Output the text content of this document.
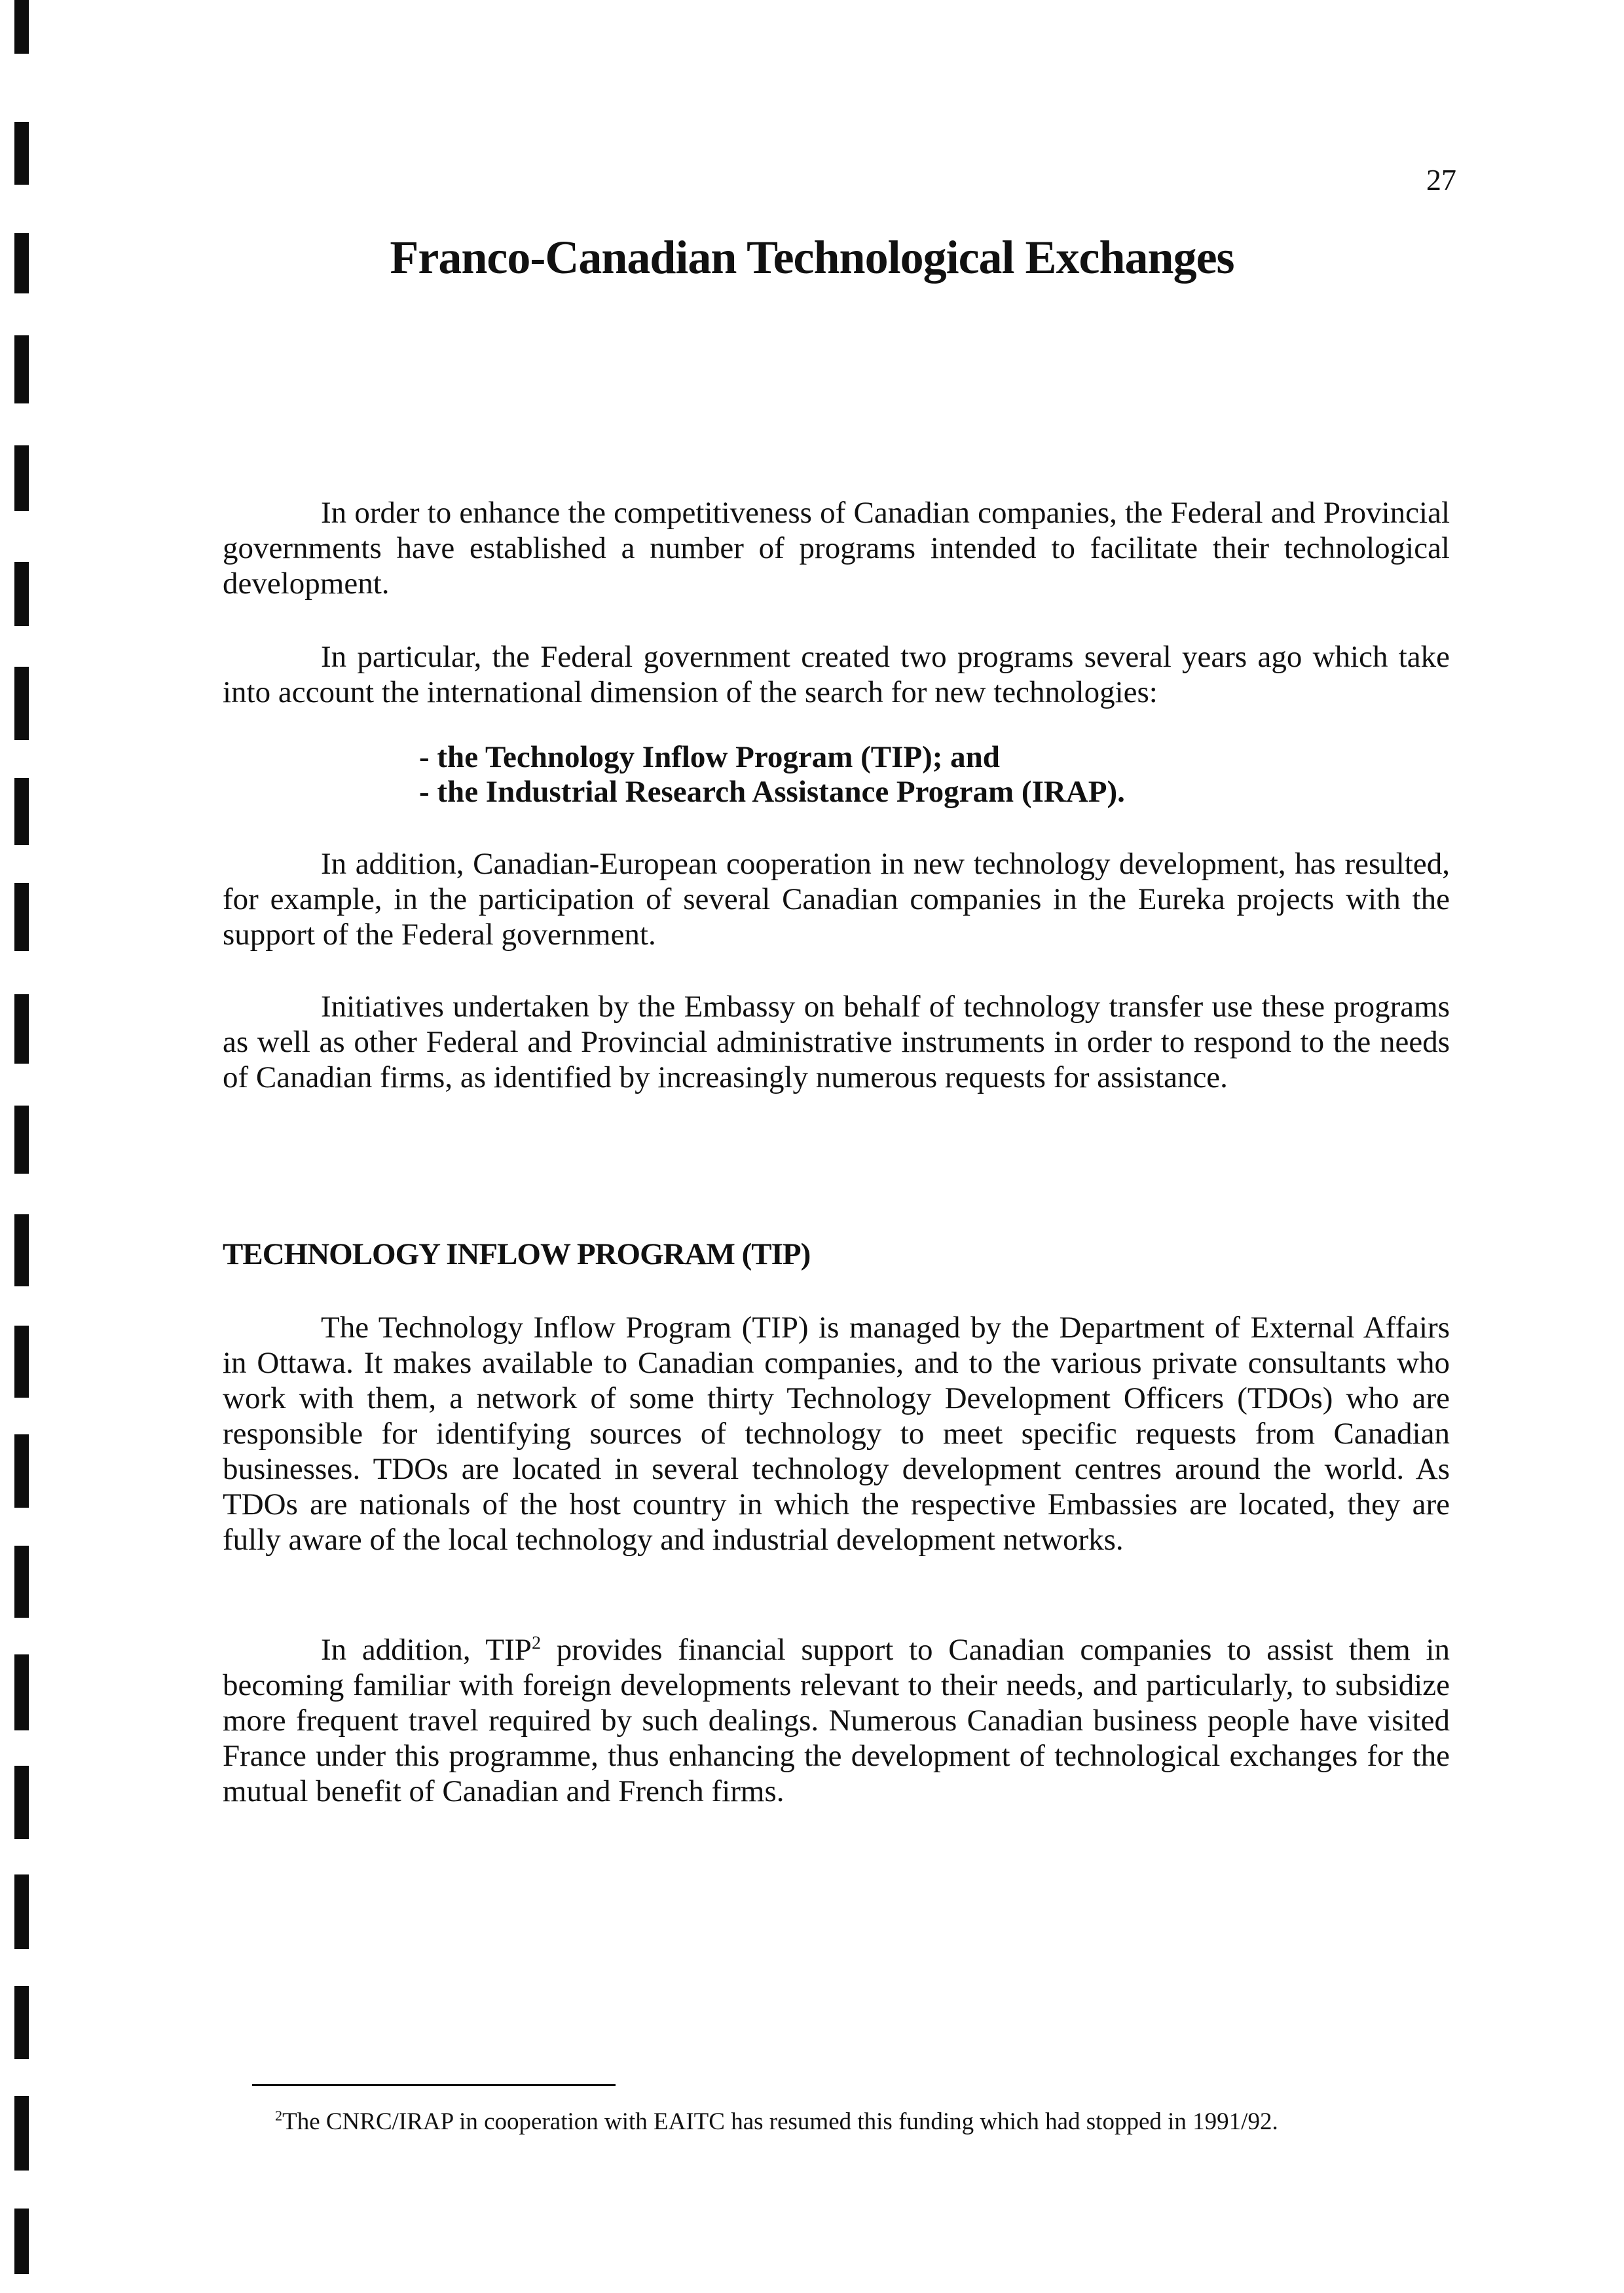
27
Franco-Canadian Technological Exchanges

In order to enhance the competitiveness of Canadian companies, the Federal and Provincial governments have established a number of programs intended to facilitate their technological development.

In particular, the Federal government created two programs several years ago which take into account the international dimension of the search for new technologies:

- the Technology Inflow Program (TIP); and
- the Industrial Research Assistance Program (IRAP).

In addition, Canadian-European cooperation in new technology development, has resulted, for example, in the participation of several Canadian companies in the Eureka projects with the support of the Federal government.

Initiatives undertaken by the Embassy on behalf of technology transfer use these programs as well as other Federal and Provincial administrative instruments in order to respond to the needs of Canadian firms, as identified by increasingly numerous requests for assistance.

TECHNOLOGY INFLOW PROGRAM (TIP)

The Technology Inflow Program (TIP) is managed by the Department of External Affairs in Ottawa. It makes available to Canadian companies, and to the various private consultants who work with them, a network of some thirty Technology Development Officers (TDOs) who are responsible for identifying sources of technology to meet specific requests from Canadian businesses. TDOs are located in several technology development centres around the world. As TDOs are nationals of the host country in which the respective Embassies are located, they are fully aware of the local technology and industrial development networks.

In addition, TIP$^2$ provides financial support to Canadian companies to assist them in becoming familiar with foreign developments relevant to their needs, and particularly, to subsidize more frequent travel required by such dealings. Numerous Canadian business people have visited France under this programme, thus enhancing the development of technological exchanges for the mutual benefit of Canadian and French firms.

$^2$The CNRC/IRAP in cooperation with EAITC has resumed this funding which had stopped in 1991/92.
